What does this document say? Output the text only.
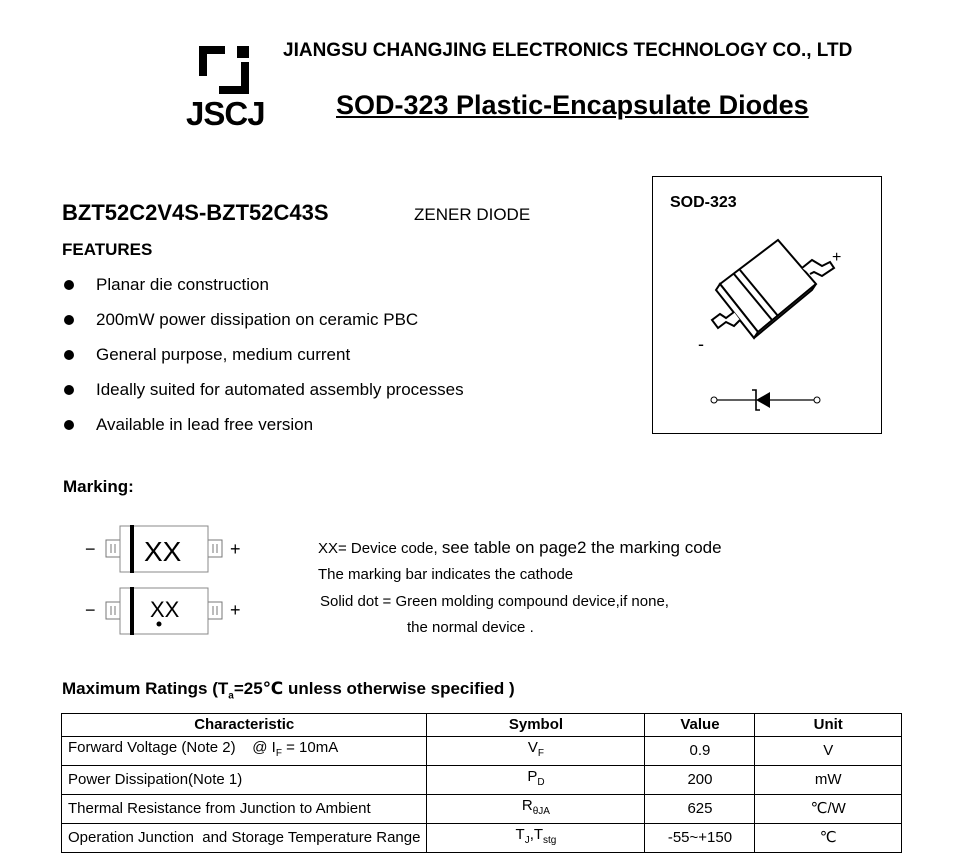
JSCJ
JIANGSU CHANGJING ELECTRONICS TECHNOLOGY CO., LTD
SOD-323 Plastic-Encapsulate Diodes
BZT52C2V4S-BZT52C43S	ZENER DIODE
FEATURES
Planar die construction
200mW power dissipation on ceramic PBC
General purpose, medium current
Ideally suited for automated assembly processes
Available in lead free version
SOD-323
+
-
Marking:
XX
−	+
XX
−	+
XX= Device code, see table on page2 the marking code
The marking bar indicates the cathode
Solid dot = Green molding compound device,if none,
the normal device .
Maximum Ratings ($T_a=25℃$ unless otherwise specified )
Characteristic	Symbol	Value	Unit
Forward Voltage (Note 2)    @ $I_F = 10mA$	$V_F$	0.9	V
Power Dissipation(Note 1)	$P_D$	200	mW
Thermal Resistance from Junction to Ambient	$R_{\theta JA}$	625	℃/W
Operation Junction  and Storage Temperature Range	$T_J,T_{stg}$	-55~+150	℃
